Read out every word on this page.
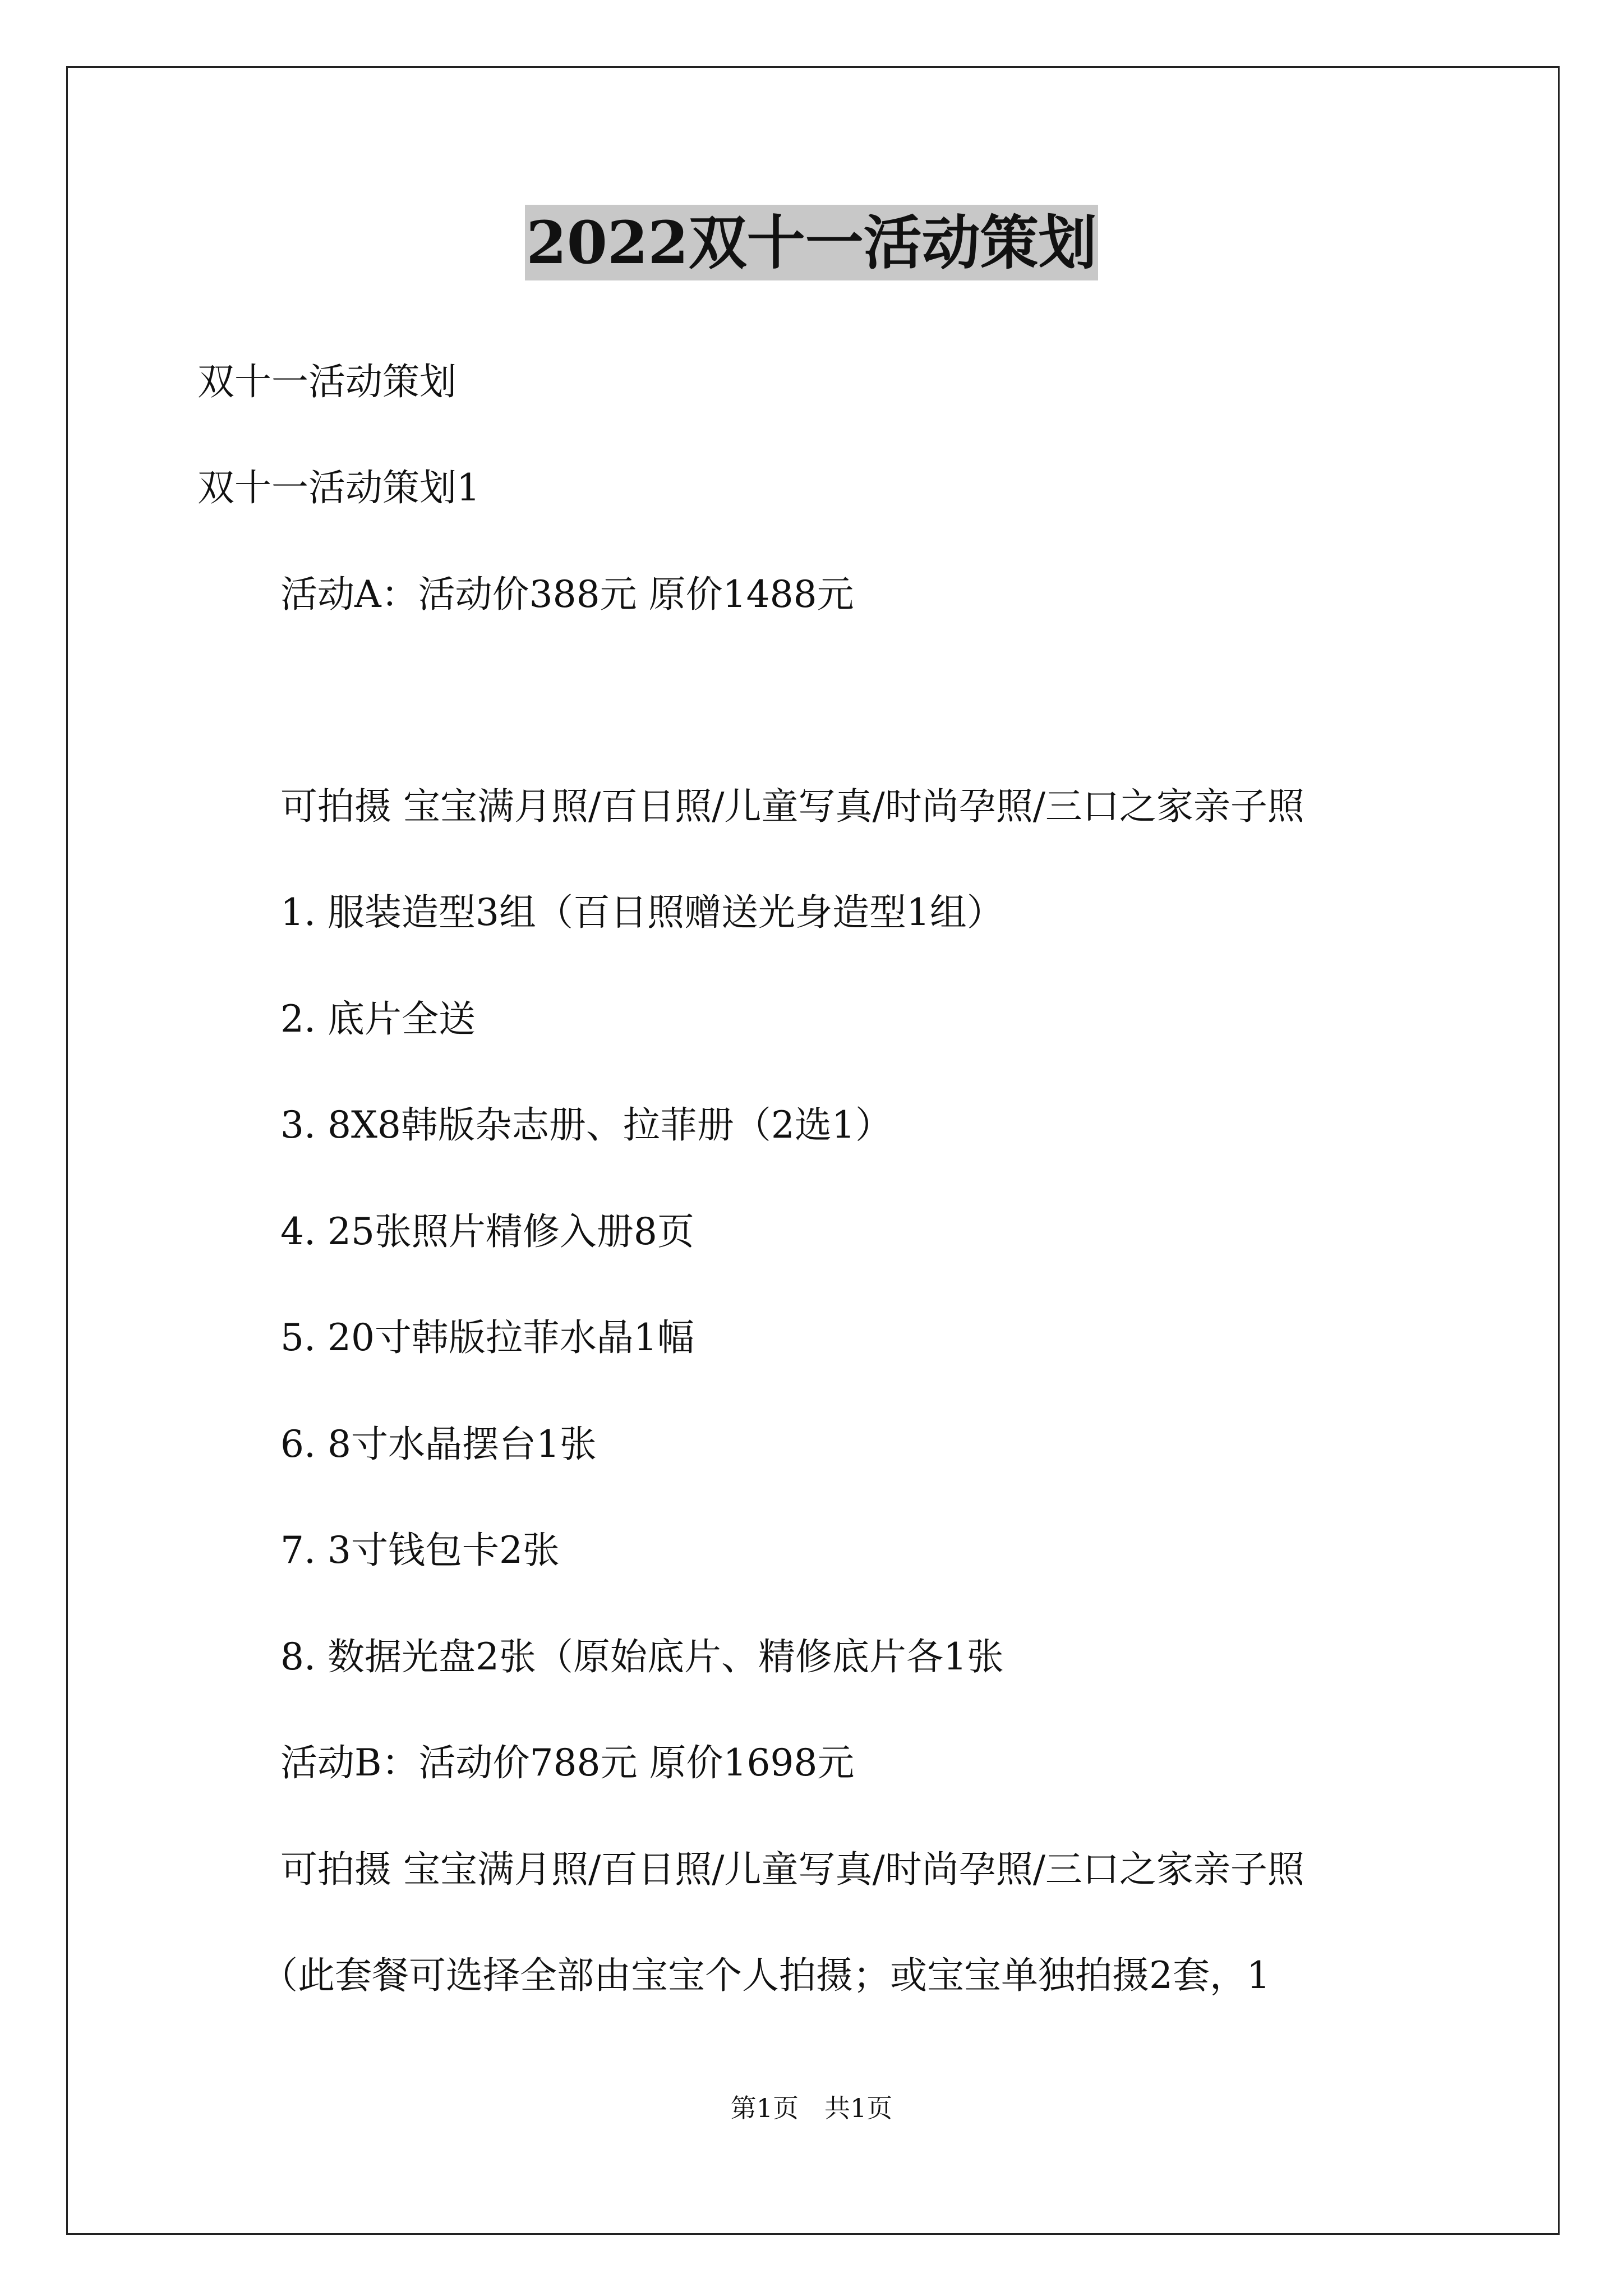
2022双十一活动策划

双十一活动策划

双十一活动策划1

活动A：活动价388元 原价1488元

可拍摄 宝宝满月照/百日照/儿童写真/时尚孕照/三口之家亲子照

1. 服装造型3组（百日照赠送光身造型1组）

2. 底片全送

3. 8X8韩版杂志册、拉菲册（2选1）

4. 25张照片精修入册8页

5. 20寸韩版拉菲水晶1幅

6. 8寸水晶摆台1张

7. 3寸钱包卡2张

8. 数据光盘2张（原始底片、精修底片各1张

活动B：活动价788元 原价1698元

可拍摄 宝宝满月照/百日照/儿童写真/时尚孕照/三口之家亲子照

（此套餐可选择全部由宝宝个人拍摄；或宝宝单独拍摄2套，1

第1页　共1页
